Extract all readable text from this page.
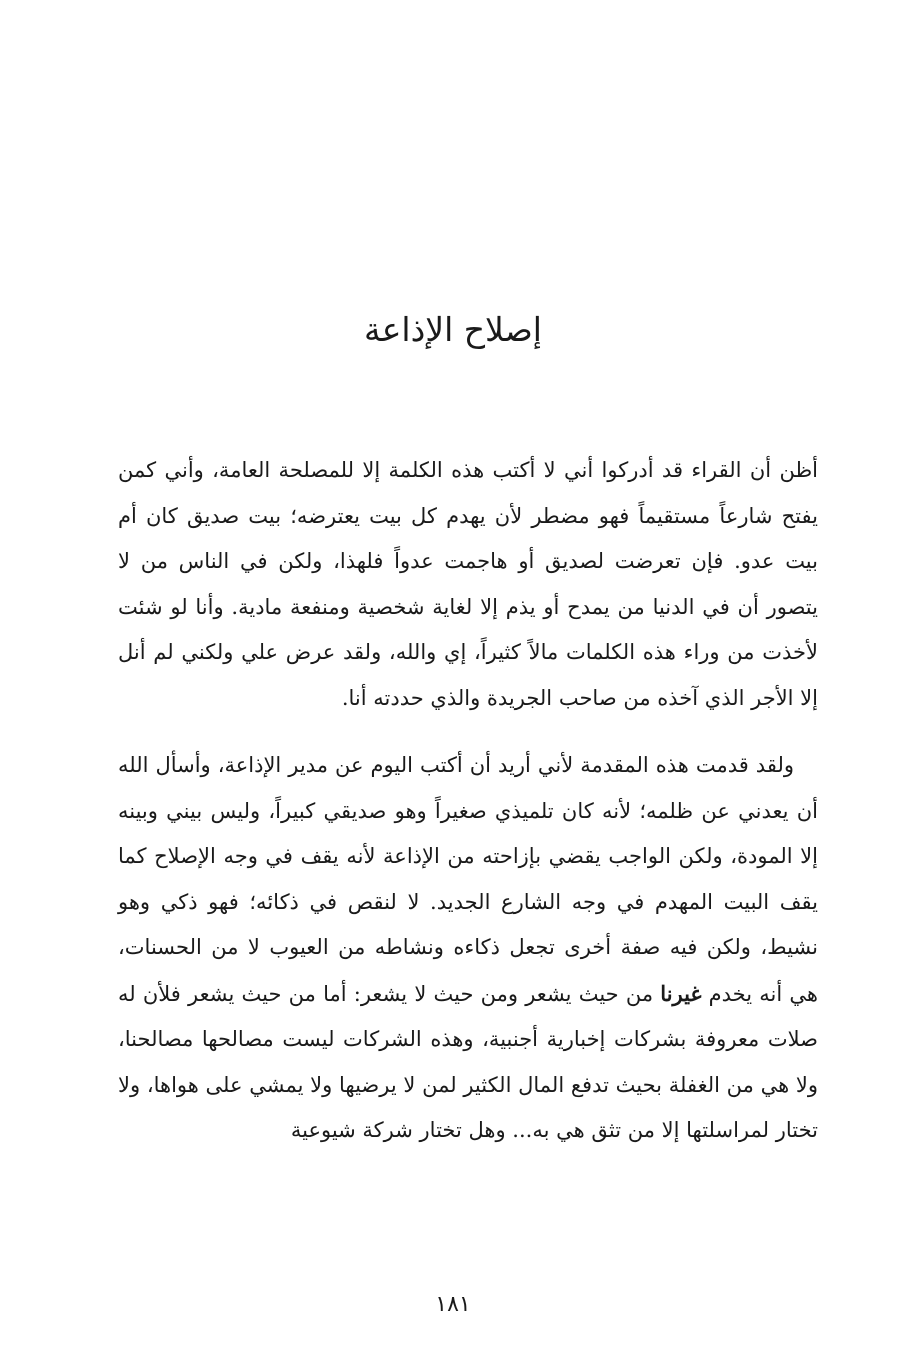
إصلاح الإذاعة

أظن أن القراء قد أدركوا أني لا أكتب هذه الكلمة إلا للمصلحة العامة، وأني كمن يفتح شارعاً مستقيماً فهو مضطر لأن يهدم كل بيت يعترضه؛ بيت صديق كان أم بيت عدو. فإن تعرضت لصديق أو هاجمت عدواً فلهذا، ولكن في الناس من لا يتصور أن في الدنيا من يمدح أو يذم إلا لغاية شخصية ومنفعة مادية. وأنا لو شئت لأخذت من وراء هذه الكلمات مالاً كثيراً، إي والله، ولقد عرض علي ولكني لم أنل إلا الأجر الذي آخذه من صاحب الجريدة والذي حددته أنا.

ولقد قدمت هذه المقدمة لأني أريد أن أكتب اليوم عن مدير الإذاعة، وأسأل الله أن يعدني عن ظلمه؛ لأنه كان تلميذي صغيراً وهو صديقي كبيراً، وليس بيني وبينه إلا المودة، ولكن الواجب يقضي بإزاحته من الإذاعة لأنه يقف في وجه الإصلاح كما يقف البيت المهدم في وجه الشارع الجديد. لا لنقص في ذكائه؛ فهو ذكي وهو نشيط، ولكن فيه صفة أخرى تجعل ذكاءه ونشاطه من العيوب لا من الحسنات، هي أنه يخدم غيرنا من حيث يشعر ومن حيث لا يشعر: أما من حيث يشعر فلأن له صلات معروفة بشركات إخبارية أجنبية، وهذه الشركات ليست مصالحها مصالحنا، ولا هي من الغفلة بحيث تدفع المال الكثير لمن لا يرضيها ولا يمشي على هواها، ولا تختار لمراسلتها إلا من تثق هي به... وهل تختار شركة شيوعية

١٨١
